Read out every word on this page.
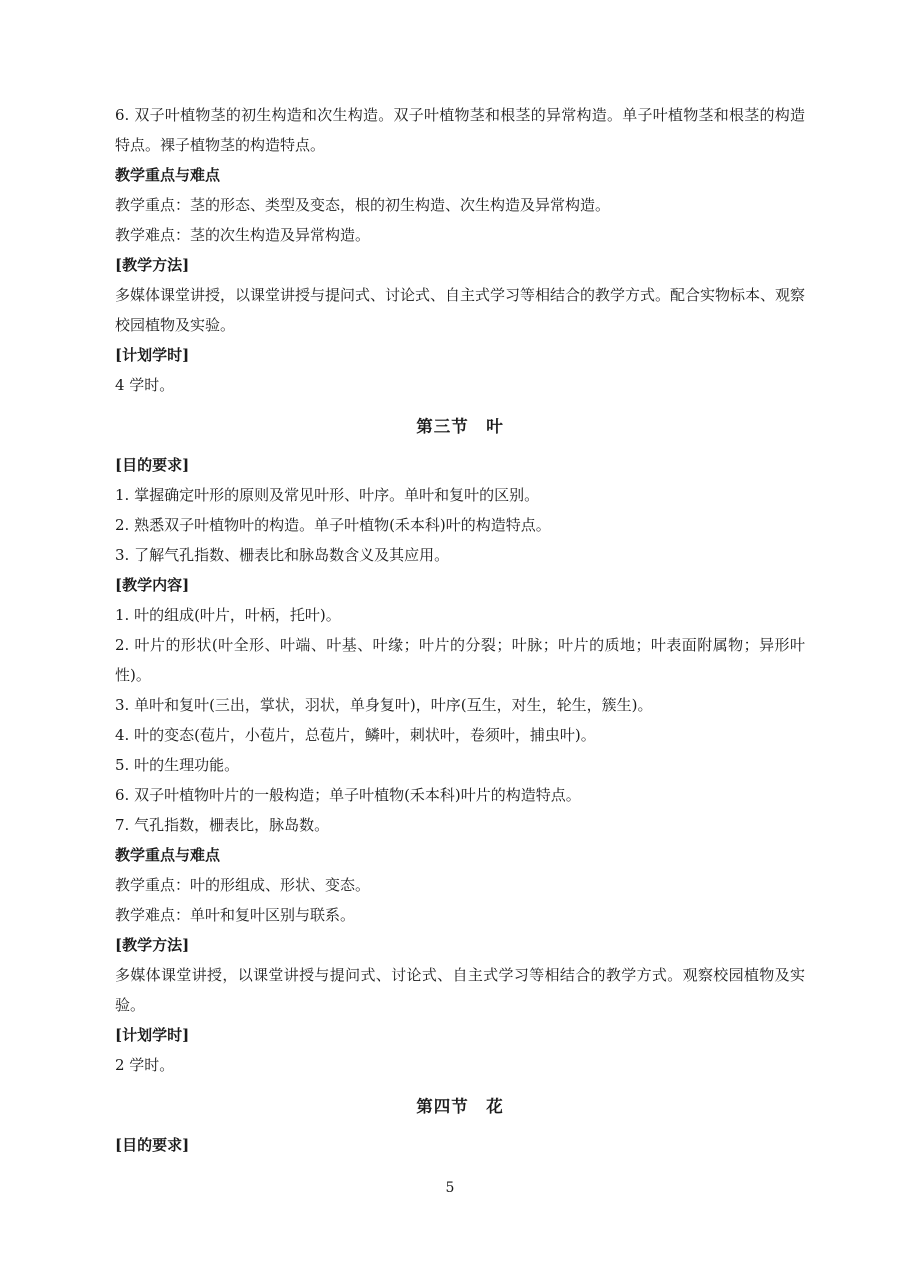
6. 双子叶植物茎的初生构造和次生构造。双子叶植物茎和根茎的异常构造。单子叶植物茎和根茎的构造特点。裸子植物茎的构造特点。

教学重点与难点

教学重点：茎的形态、类型及变态，根的初生构造、次生构造及异常构造。

教学难点：茎的次生构造及异常构造。

[教学方法]

多媒体课堂讲授，以课堂讲授与提问式、讨论式、自主式学习等相结合的教学方式。配合实物标本、观察校园植物及实验。

[计划学时]

4 学时。

第三节　叶

[目的要求]

1. 掌握确定叶形的原则及常见叶形、叶序。单叶和复叶的区别。

2. 熟悉双子叶植物叶的构造。单子叶植物(禾本科)叶的构造特点。

3. 了解气孔指数、栅表比和脉岛数含义及其应用。

[教学内容]

1. 叶的组成(叶片，叶柄，托叶)。

2. 叶片的形状(叶全形、叶端、叶基、叶缘；叶片的分裂；叶脉；叶片的质地；叶表面附属物；异形叶性)。

3. 单叶和复叶(三出，掌状，羽状，单身复叶)，叶序(互生，对生，轮生，簇生)。

4. 叶的变态(苞片，小苞片，总苞片，鳞叶，刺状叶，卷须叶，捕虫叶)。

5. 叶的生理功能。

6. 双子叶植物叶片的一般构造；单子叶植物(禾本科)叶片的构造特点。

7. 气孔指数，栅表比，脉岛数。

教学重点与难点

教学重点：叶的形组成、形状、变态。

教学难点：单叶和复叶区别与联系。

[教学方法]

多媒体课堂讲授，以课堂讲授与提问式、讨论式、自主式学习等相结合的教学方式。观察校园植物及实验。

[计划学时]

2 学时。

第四节　花

[目的要求]

5
